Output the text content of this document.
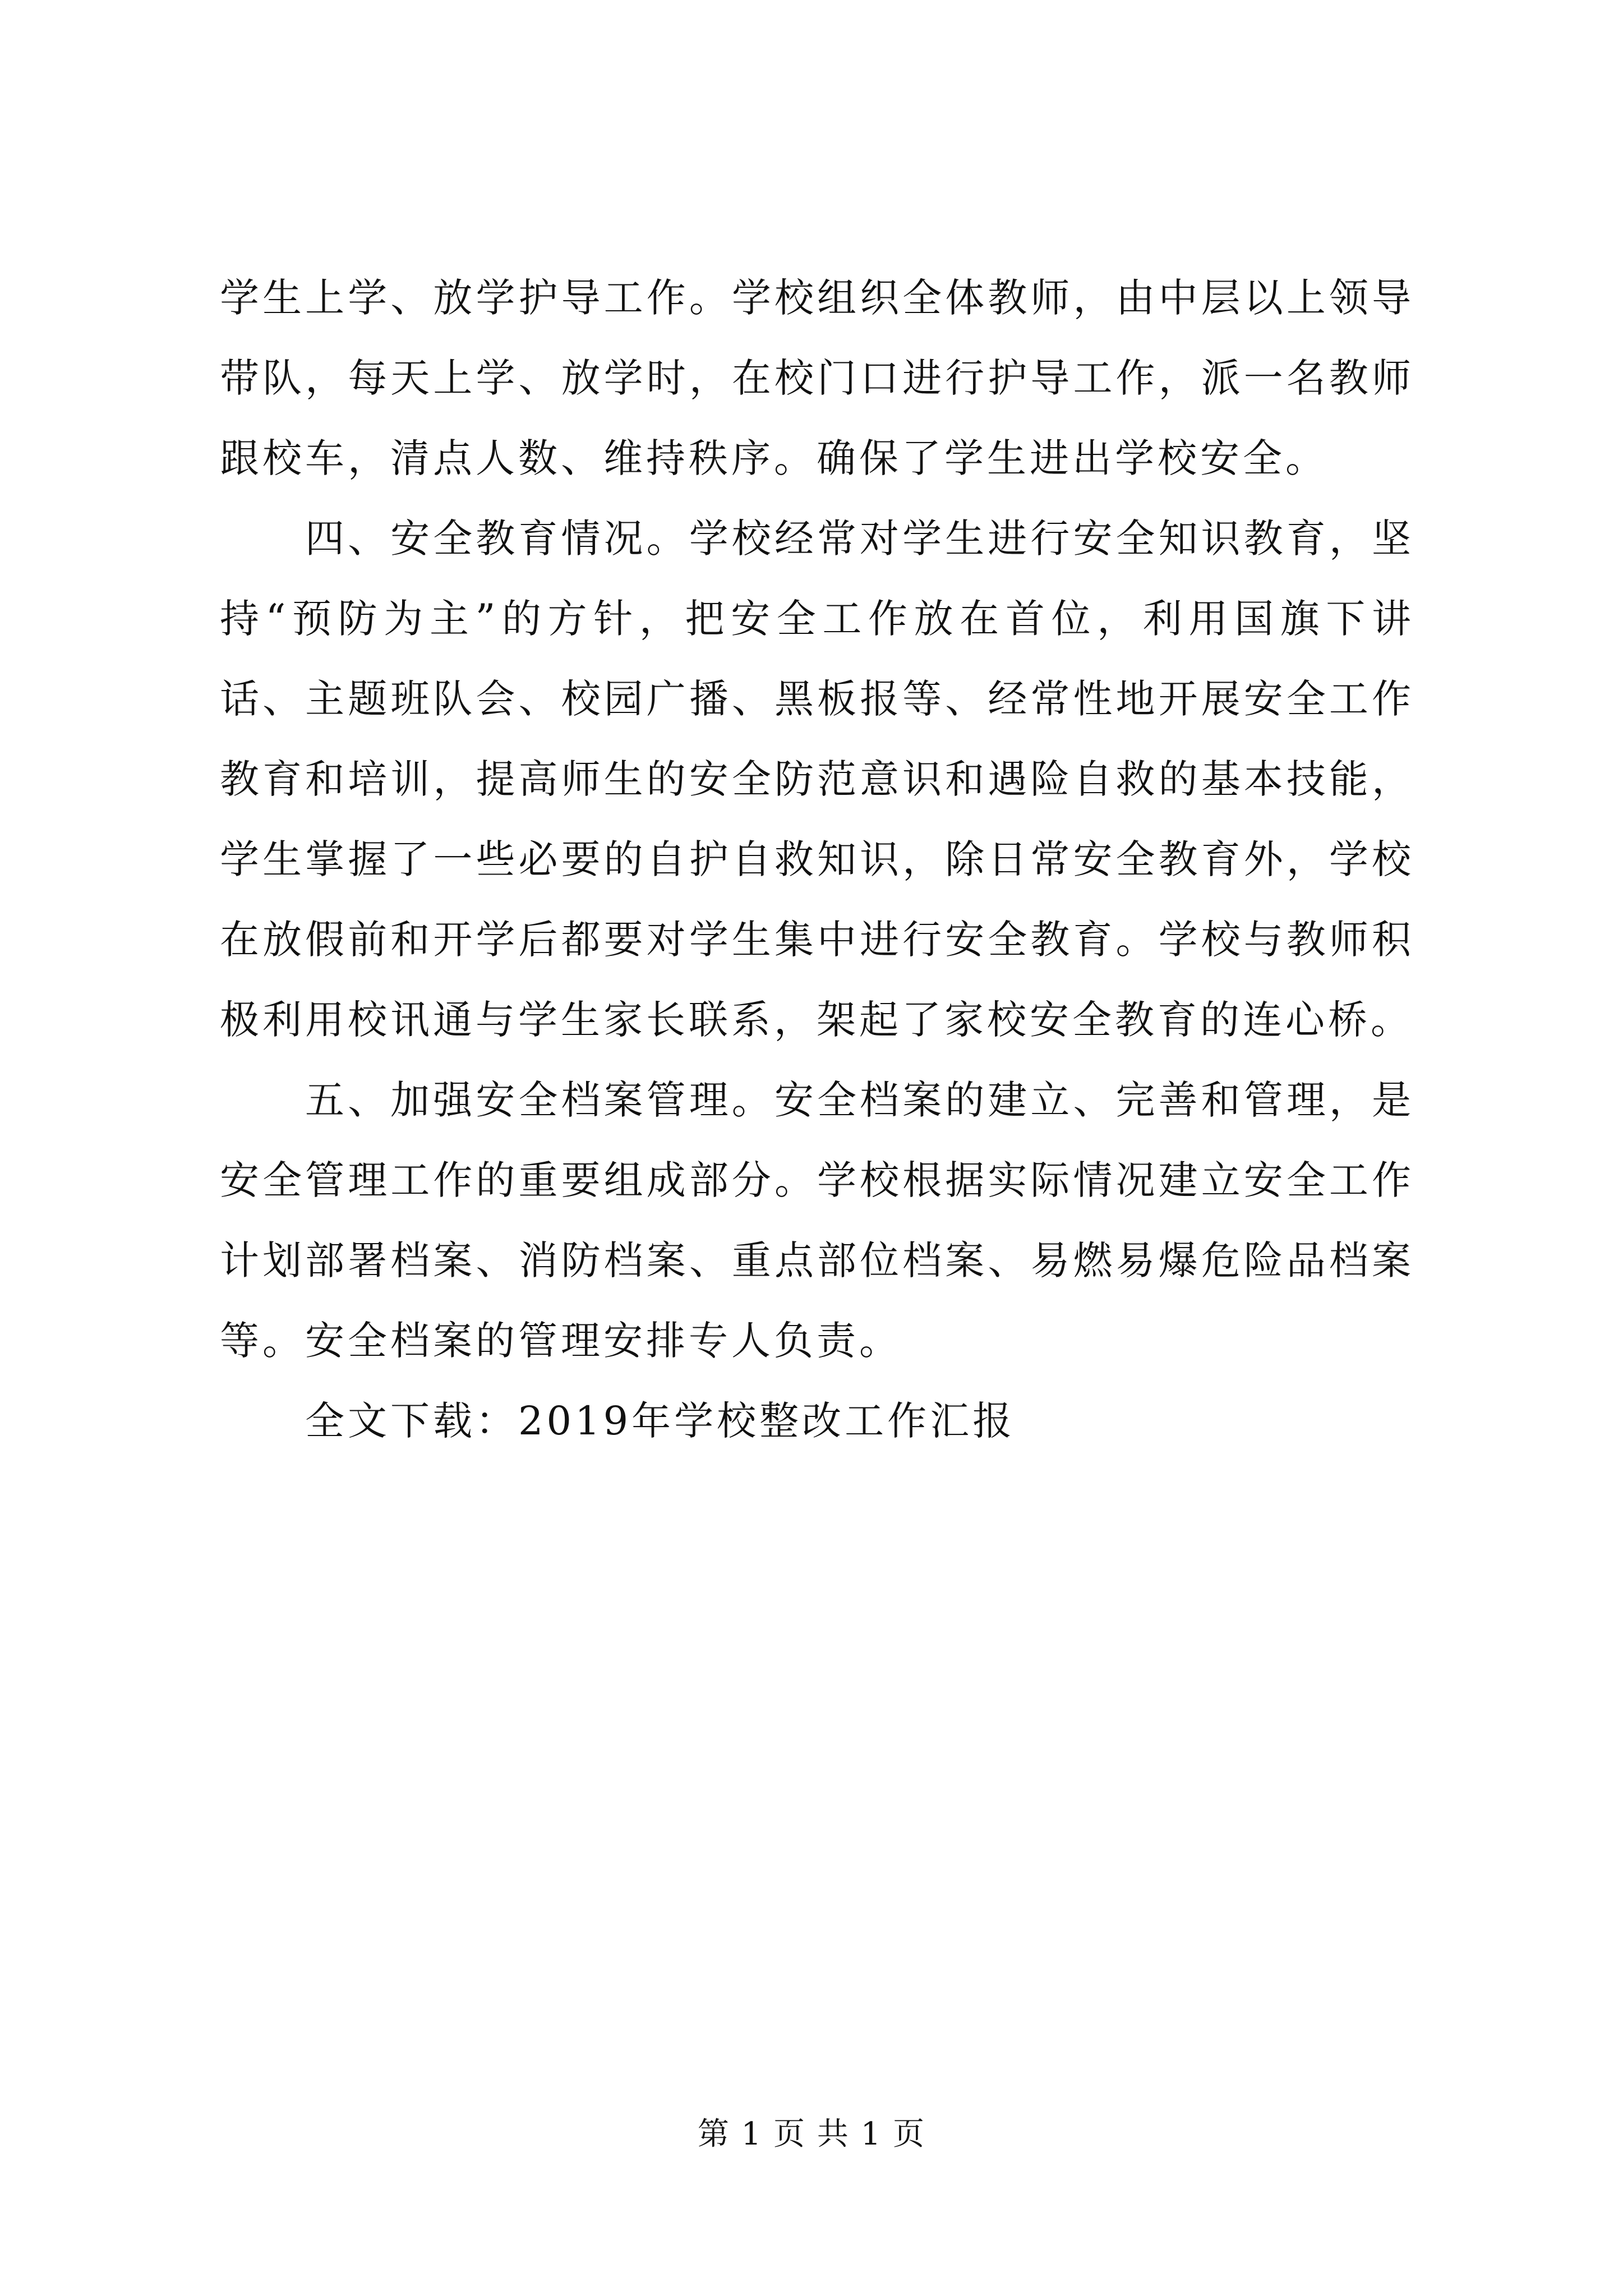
学生上学、放学护导工作。学校组织全体教师，由中层以上领导带队，每天上学、放学时，在校门口进行护导工作，派一名教师跟校车，清点人数、维持秩序。确保了学生进出学校安全。

四、安全教育情况。学校经常对学生进行安全知识教育，坚持“预防为主”的方针，把安全工作放在首位，利用国旗下讲话、主题班队会、校园广播、黑板报等、经常性地开展安全工作教育和培训，提高师生的安全防范意识和遇险自救的基本技能，学生掌握了一些必要的自护自救知识，除日常安全教育外，学校在放假前和开学后都要对学生集中进行安全教育。学校与教师积极利用校讯通与学生家长联系，架起了家校安全教育的连心桥。

五、加强安全档案管理。安全档案的建立、完善和管理，是安全管理工作的重要组成部分。学校根据实际情况建立安全工作计划部署档案、消防档案、重点部位档案、易燃易爆危险品档案等。安全档案的管理安排专人负责。

全文下载：2019年学校整改工作汇报

第 1 页 共 1 页
